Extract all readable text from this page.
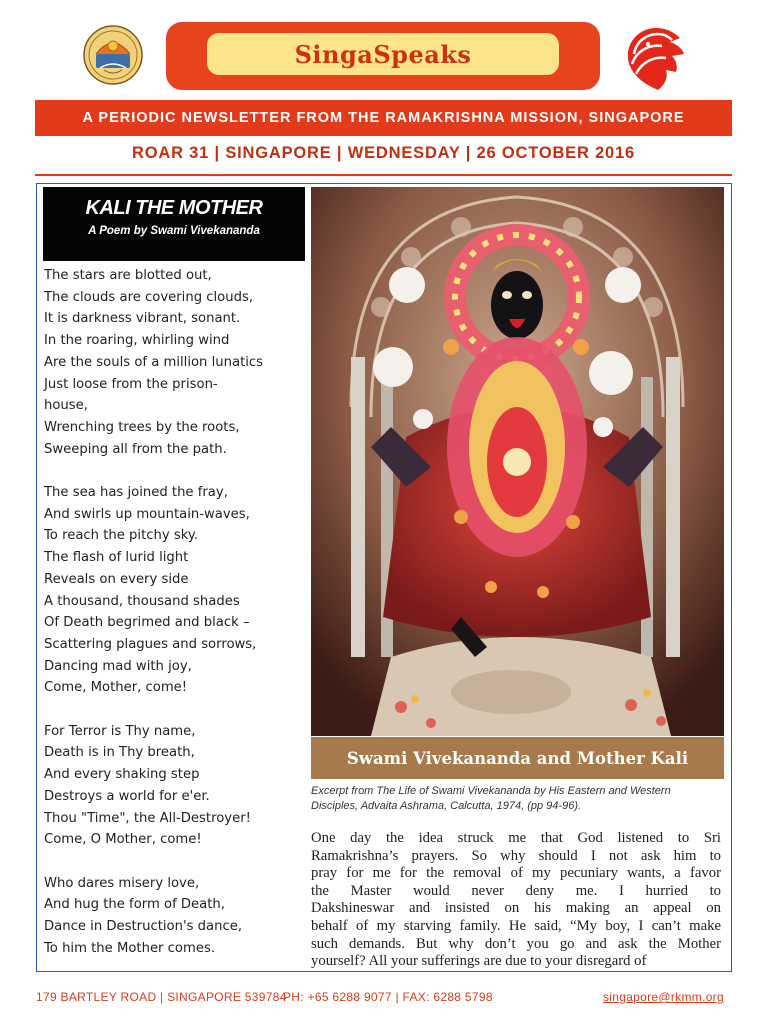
SingaSpeaks
A PERIODIC NEWSLETTER FROM THE RAMAKRISHNA MISSION, SINGAPORE
ROAR 31 | SINGAPORE | WEDNESDAY | 26 OCTOBER 2016
KALI THE MOTHER
A Poem by Swami Vivekananda
The stars are blotted out,
The clouds are covering clouds,
It is darkness vibrant, sonant.
In the roaring, whirling wind
Are the souls of a million lunatics
Just loose from the prison-
house,
Wrenching trees by the roots,
Sweeping all from the path.
The sea has joined the fray,
And swirls up mountain-waves,
To reach the pitchy sky.
The flash of lurid light
Reveals on every side
A thousand, thousand shades
Of Death begrimed and black –
Scattering plagues and sorrows,
Dancing mad with joy,
Come, Mother, come!
For Terror is Thy name,
Death is in Thy breath,
And every shaking step
Destroys a world for e'er.
Thou "Time", the All-Destroyer!
Come, O Mother, come!
Who dares misery love,
And hug the form of Death,
Dance in Destruction's dance,
To him the Mother comes.
Swami Vivekananda and Mother Kali
Excerpt from The Life of Swami Vivekananda by His Eastern and Western
Disciples, Advaita Ashrama, Calcutta, 1974, (pp 94-96).
One day the idea struck me that God listened to Sri
Ramakrishna’s prayers. So why should I not ask him to
pray for me for the removal of my pecuniary wants, a favor
the Master would never deny me. I hurried to
Dakshineswar and insisted on his making an appeal on
behalf of my starving family. He said, “My boy, I can’t make
such demands. But why don’t you go and ask the Mother
yourself? All your sufferings are due to your disregard of
179 BARTLEY ROAD | SINGAPORE 539784
PH: +65 6288 9077 | FAX: 6288 5798	singapore@rkmm.org
